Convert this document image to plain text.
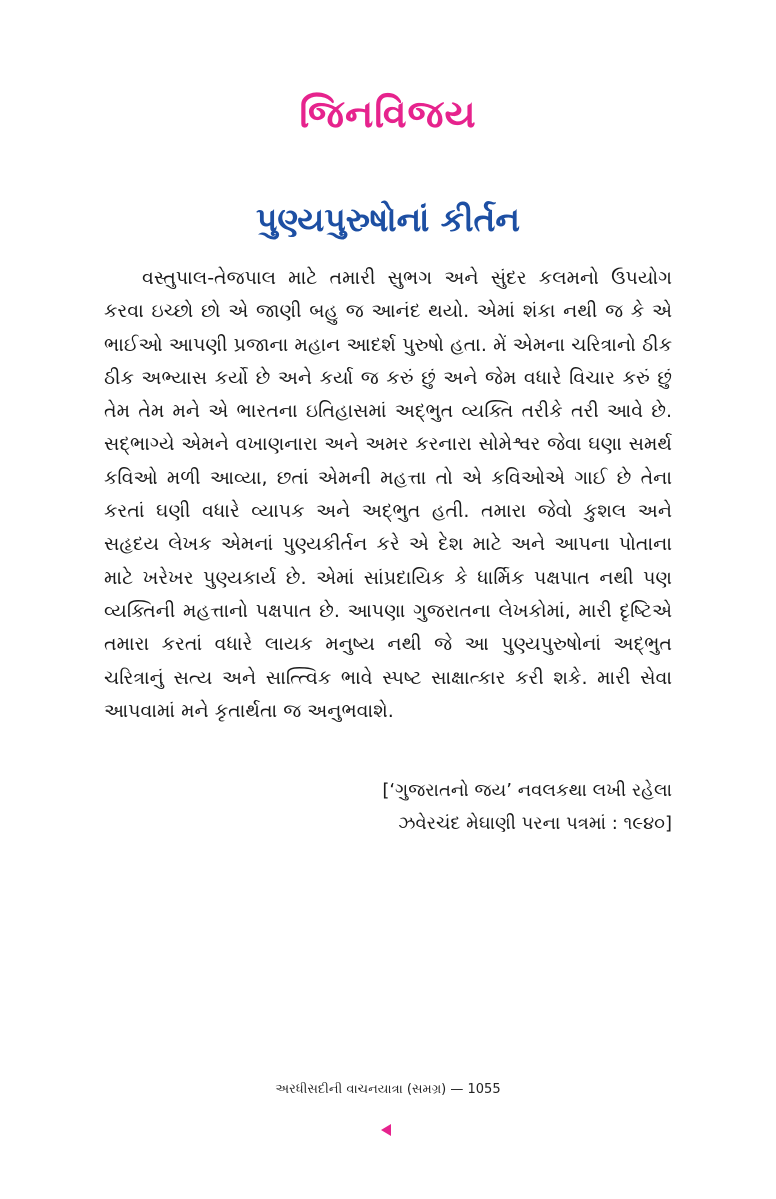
જિનવિજય
પુણ્યપુરુષોનાં કીર્તન

વસ્તુપાલ-તેજપાલ માટે તમારી સુભગ અને સુંદર કલમનો ઉપયોગ કરવા ઇચ્છો છો એ જાણી બહુ જ આનંદ થયો. એમાં શંકા નથી જ કે એ ભાઈઓ આપણી પ્રજાના મહાન આદર્શ પુરુષો હતા. મેં એમના ચરિત્રાનો ઠીક ઠીક અભ્યાસ કર્યો છે અને કર્યા જ કરું છું અને જેમ વધારે વિચાર કરું છું તેમ તેમ મને એ ભારતના ઇતિહાસમાં અદ્ભુત વ્યક્તિ તરીકે તરી આવે છે. સદ્ભાગ્યે એમને વખાણનારા અને અમર કરનારા સોમેશ્વર જેવા ઘણા સમર્થ કવિઓ મળી આવ્યા, છતાં એમની મહત્તા તો એ કવિઓએ ગાઈ છે તેના કરતાં ઘણી વધારે વ્યાપક અને અદ્ભુત હતી. તમારા જેવો કુશલ અને સહૃદય લેખક એમનાં પુણ્યકીર્તન કરે એ દેશ માટે અને આપના પોતાના માટે ખરેખર પુણ્યકાર્ય છે. એમાં સાંપ્રદાયિક કે ધાર્મિક પક્ષપાત નથી પણ વ્યક્તિની મહત્તાનો પક્ષપાત છે. આપણા ગુજરાતના લેખકોમાં, મારી દૃષ્ટિએ તમારા કરતાં વધારે લાયક મનુષ્ય નથી જે આ પુણ્યપુરુષોનાં અદ્ભુત ચરિત્રાનું સત્ય અને સાત્ત્વિક ભાવે સ્પષ્ટ સાક્ષાત્કાર કરી શકે. મારી સેવા આપવામાં મને કૃતાર્થતા જ અનુભવાશે.

[‘ગુજરાતનો જય’ નવલકથા લખી રહેલા
ઝવેરચંદ મેઘાણી પરના પત્રમાં : ૧૯૪૦]
અરધીસદીની વાચનયાત્રા (સમગ્ર) — 1055
